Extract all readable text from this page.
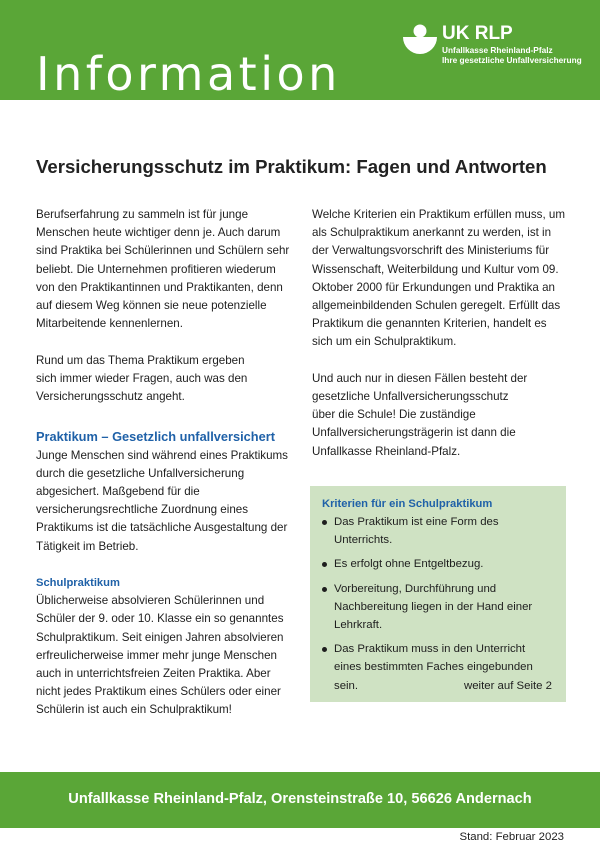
Information
UK RLP
Unfallkasse Rheinland-Pfalz
Ihre gesetzliche Unfallversicherung
Versicherungsschutz im Praktikum: Fagen und Antworten

Berufserfahrung zu sammeln ist für junge

Menschen heute wichtiger denn je. Auch darum

sind Praktika bei Schülerinnen und Schülern sehr

beliebt. Die Unternehmen profitieren wiederum

von den Praktikantinnen und Praktikanten, denn

auf diesem Weg können sie neue potenzielle

Mitarbeitende kennenlernen.

Rund um das Thema Praktikum ergeben

sich immer wieder Fragen, auch was den

Versicherungsschutz angeht.

Praktikum – Gesetzlich unfallversichert

Junge Menschen sind während eines Praktikums

durch die gesetzliche Unfallversicherung

abgesichert. Maßgebend für die

versicherungsrechtliche Zuordnung eines

Praktikums ist die tatsächliche Ausgestaltung der

Tätigkeit im Betrieb.

Schulpraktikum

Üblicherweise absolvieren Schülerinnen und

Schüler der 9. oder 10. Klasse ein so genanntes

Schulpraktikum. Seit einigen Jahren absolvieren

erfreulicherweise immer mehr junge Menschen

auch in unterrichtsfreien Zeiten Praktika. Aber

nicht jedes Praktikum eines Schülers oder einer

Schülerin ist auch ein Schulpraktikum!

Welche Kriterien ein Praktikum erfüllen muss, um

als Schulpraktikum anerkannt zu werden, ist in

der Verwaltungsvorschrift des Ministeriums für

Wissenschaft, Weiterbildung und Kultur vom 09.

Oktober 2000 für Erkundungen und Praktika an

allgemeinbildenden Schulen geregelt. Erfüllt das

Praktikum die genannten Kriterien, handelt es

sich um ein Schulpraktikum.

Und auch nur in diesen Fällen besteht der

gesetzliche Unfallversicherungsschutz

über die Schule! Die zuständige

Unfallversicherungsträgerin ist dann die

Unfallkasse Rheinland-Pfalz.

Kriterien für ein Schulpraktikum
Das Praktikum ist eine Form des
Unterrichts.
Es erfolgt ohne Entgeltbezug.
Vorbereitung, Durchführung und
Nachbereitung liegen in der Hand einer
Lehrkraft.
Das Praktikum muss in den Unterricht
eines bestimmten Faches eingebunden
sein.	weiter auf Seite 2
Unfallkasse Rheinland-Pfalz, Orensteinstraße 10, 56626 Andernach
Stand: Februar 2023
